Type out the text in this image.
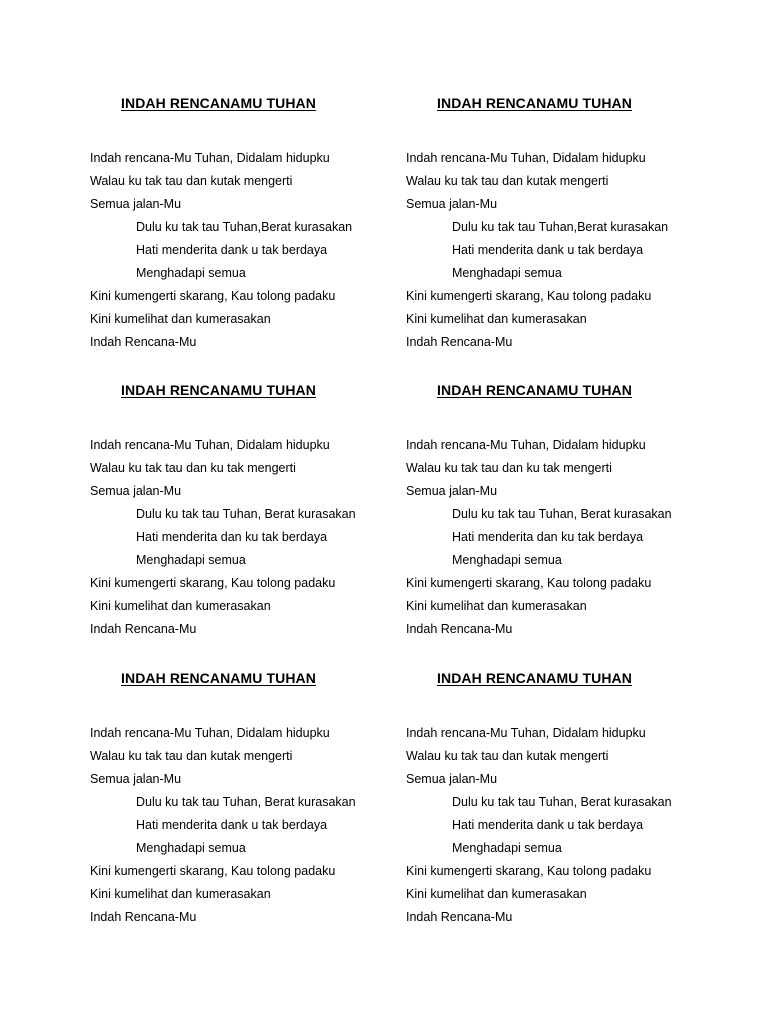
INDAH RENCANAMU TUHAN
Indah rencana-Mu Tuhan, Didalam hidupku
Walau ku tak tau dan kutak mengerti
Semua jalan-Mu
Dulu ku tak tau Tuhan,Berat kurasakan
Hati menderita dank u tak berdaya
Menghadapi semua
Kini kumengerti skarang, Kau tolong padaku
Kini kumelihat dan kumerasakan
Indah Rencana-Mu
INDAH RENCANAMU TUHAN
Indah rencana-Mu Tuhan, Didalam hidupku
Walau ku tak tau dan kutak mengerti
Semua jalan-Mu
Dulu ku tak tau Tuhan,Berat kurasakan
Hati menderita dank u tak berdaya
Menghadapi semua
Kini kumengerti skarang, Kau tolong padaku
Kini kumelihat dan kumerasakan
Indah Rencana-Mu
INDAH RENCANAMU TUHAN
Indah rencana-Mu Tuhan, Didalam hidupku
Walau ku tak tau dan ku tak mengerti
Semua jalan-Mu
Dulu ku tak tau Tuhan, Berat kurasakan
Hati menderita dan ku tak berdaya
Menghadapi semua
Kini kumengerti skarang, Kau tolong padaku
Kini kumelihat dan kumerasakan
Indah Rencana-Mu
INDAH RENCANAMU TUHAN
Indah rencana-Mu Tuhan, Didalam hidupku
Walau ku tak tau dan ku tak mengerti
Semua jalan-Mu
Dulu ku tak tau Tuhan, Berat kurasakan
Hati menderita dan ku tak berdaya
Menghadapi semua
Kini kumengerti skarang, Kau tolong padaku
Kini kumelihat dan kumerasakan
Indah Rencana-Mu
INDAH RENCANAMU TUHAN
Indah rencana-Mu Tuhan, Didalam hidupku
Walau ku tak tau dan kutak mengerti
Semua jalan-Mu
Dulu ku tak tau Tuhan, Berat kurasakan
Hati menderita dank u tak berdaya
Menghadapi semua
Kini kumengerti skarang, Kau tolong padaku
Kini kumelihat dan kumerasakan
Indah Rencana-Mu
INDAH RENCANAMU TUHAN
Indah rencana-Mu Tuhan, Didalam hidupku
Walau ku tak tau dan kutak mengerti
Semua jalan-Mu
Dulu ku tak tau Tuhan, Berat kurasakan
Hati menderita dank u tak berdaya
Menghadapi semua
Kini kumengerti skarang, Kau tolong padaku
Kini kumelihat dan kumerasakan
Indah Rencana-Mu
